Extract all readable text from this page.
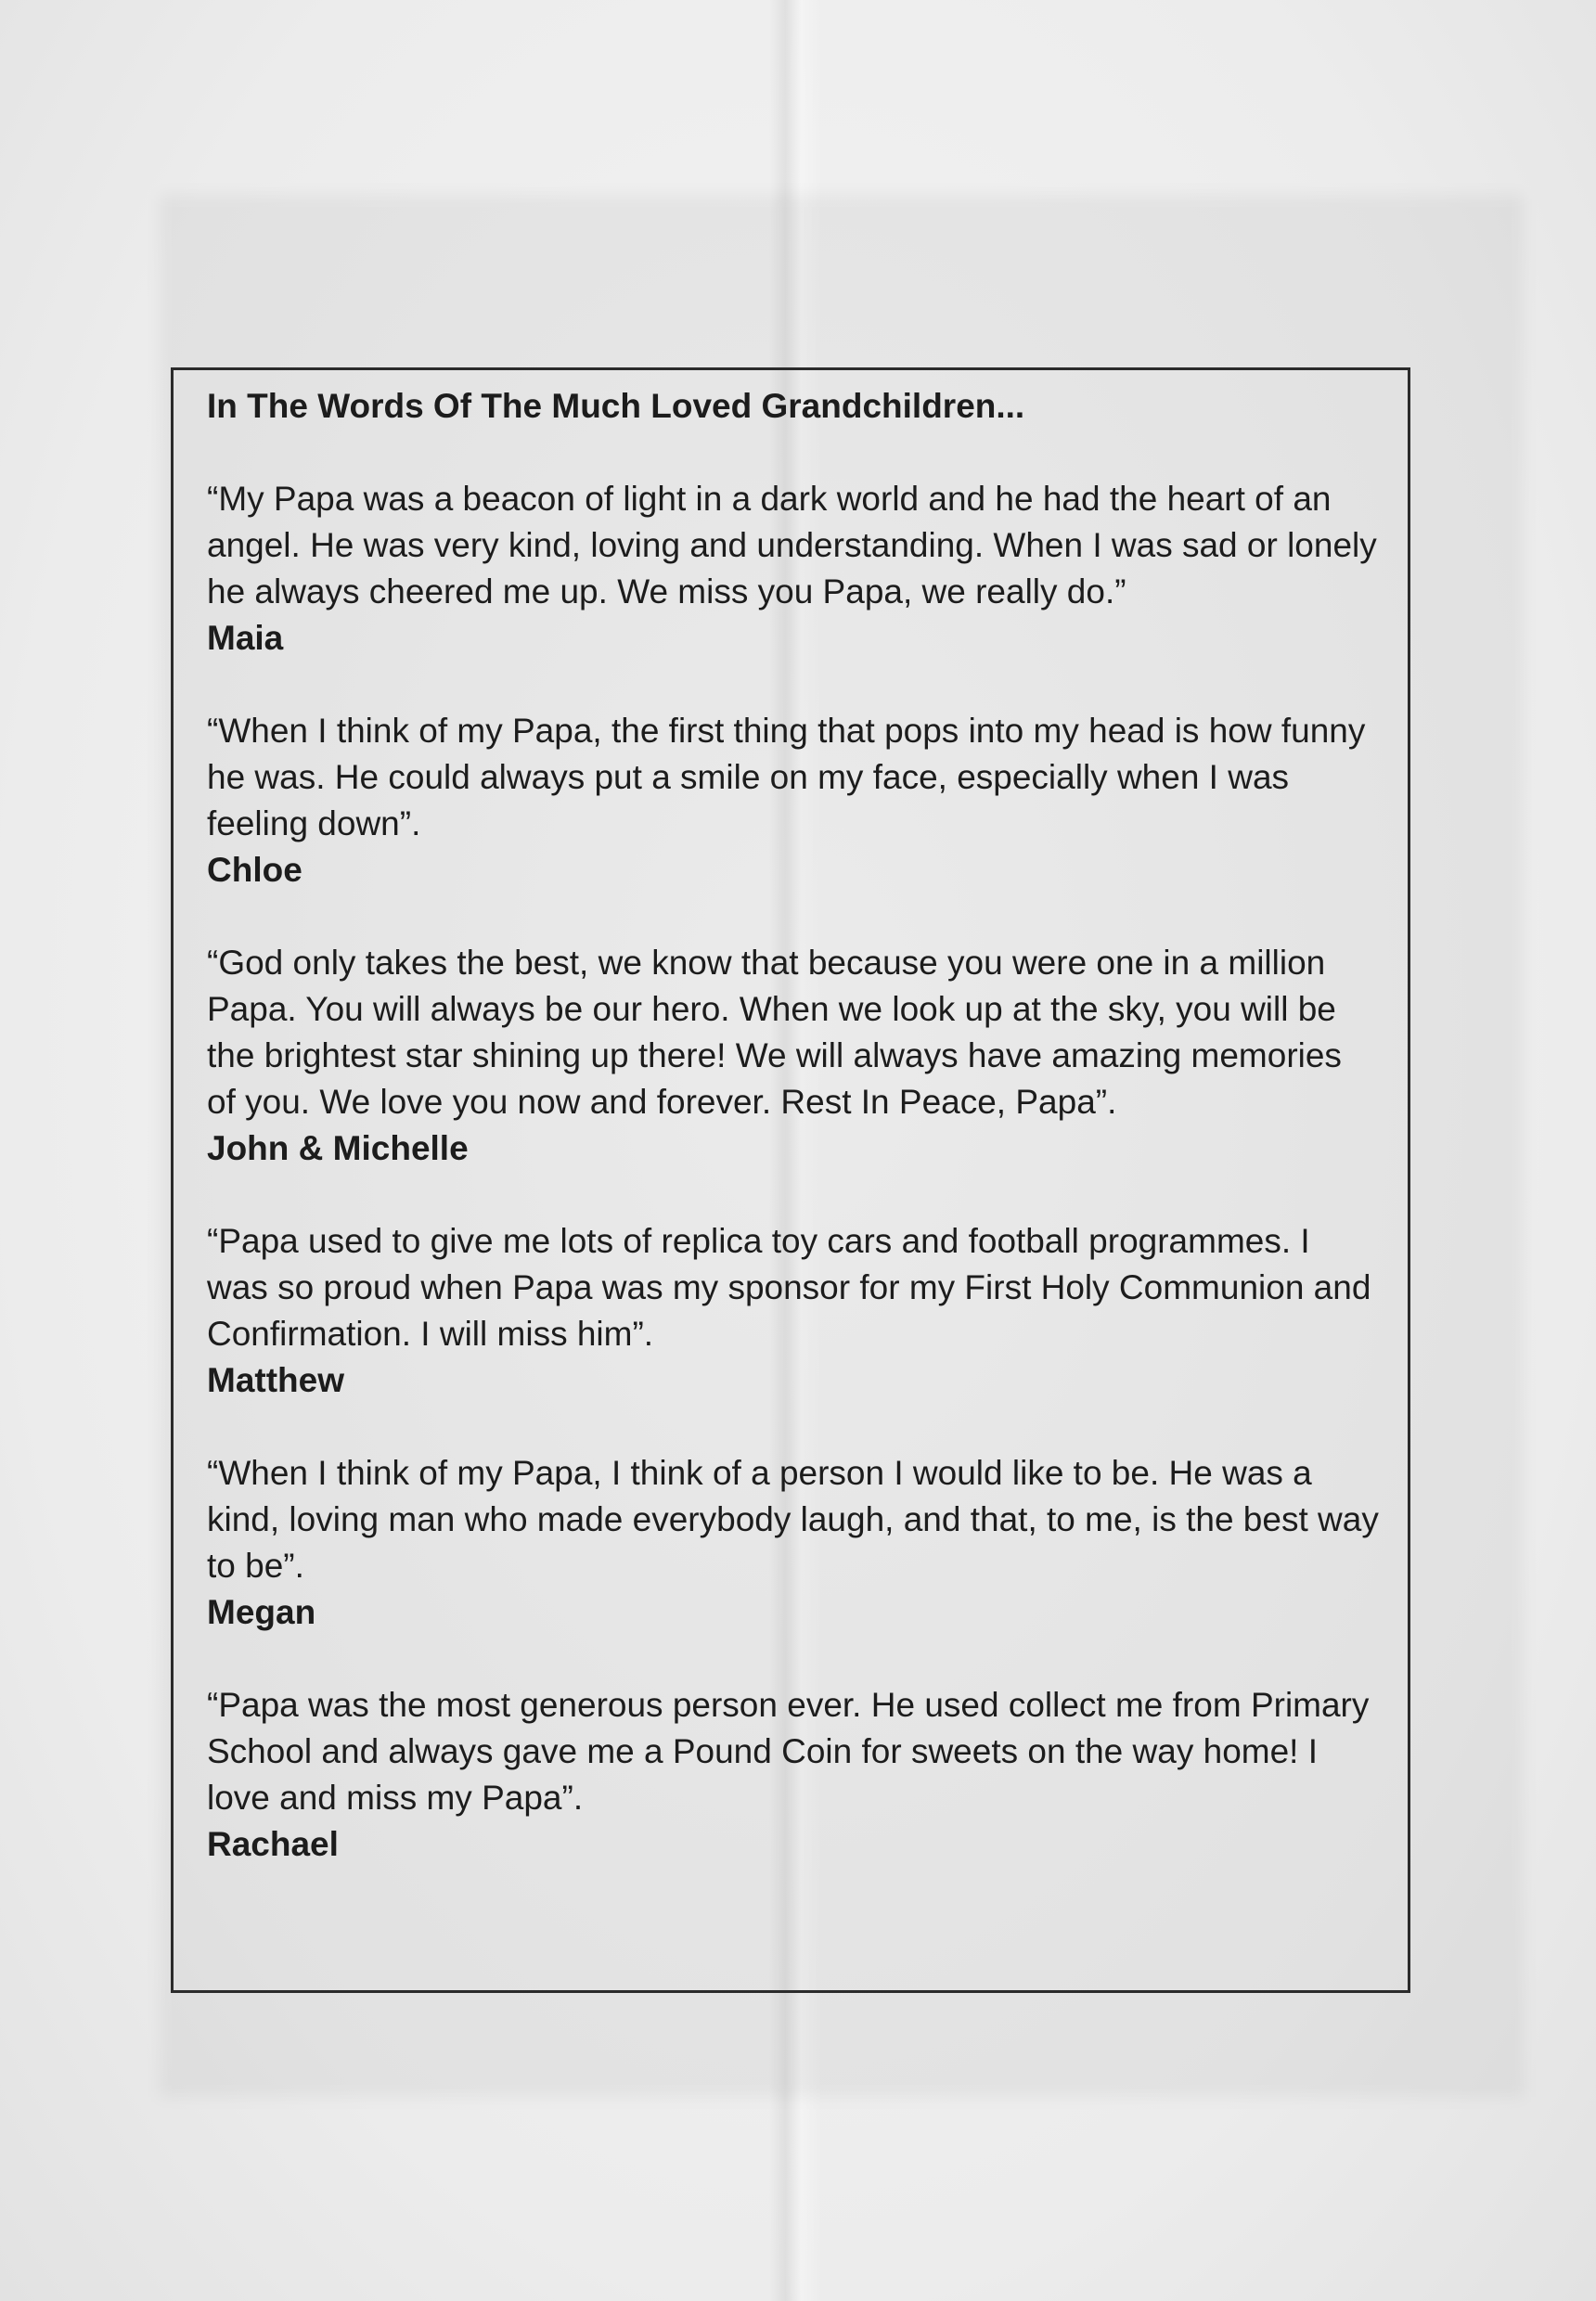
In The Words Of The Much Loved Grandchildren...

“My Papa was a beacon of light in a dark world and he had the heart of an angel. He was very kind, loving and understanding. When I was sad or lonely he always cheered me up. We miss you Papa, we really do.”

Maia

“When I think of my Papa, the first thing that pops into my head is how funny he was. He could always put a smile on my face, especially when I was feeling down”.

Chloe

“God only takes the best, we know that because you were one in a million Papa. You will always be our hero. When we look up at the sky, you will be the brightest star shining up there! We will always have amazing memories of you. We love you now and forever. Rest In Peace, Papa”.

John & Michelle

“Papa used to give me lots of replica toy cars and football programmes. I was so proud when Papa was my sponsor for my First Holy Communion and Confirmation. I will miss him”.

Matthew

“When I think of my Papa, I think of a person I would like to be. He was a kind, loving man who made everybody laugh, and that, to me, is the best way to be”.

Megan

“Papa was the most generous person ever. He used collect me from Primary School and always gave me a Pound Coin for sweets on the way home! I love and miss my Papa”.

Rachael
